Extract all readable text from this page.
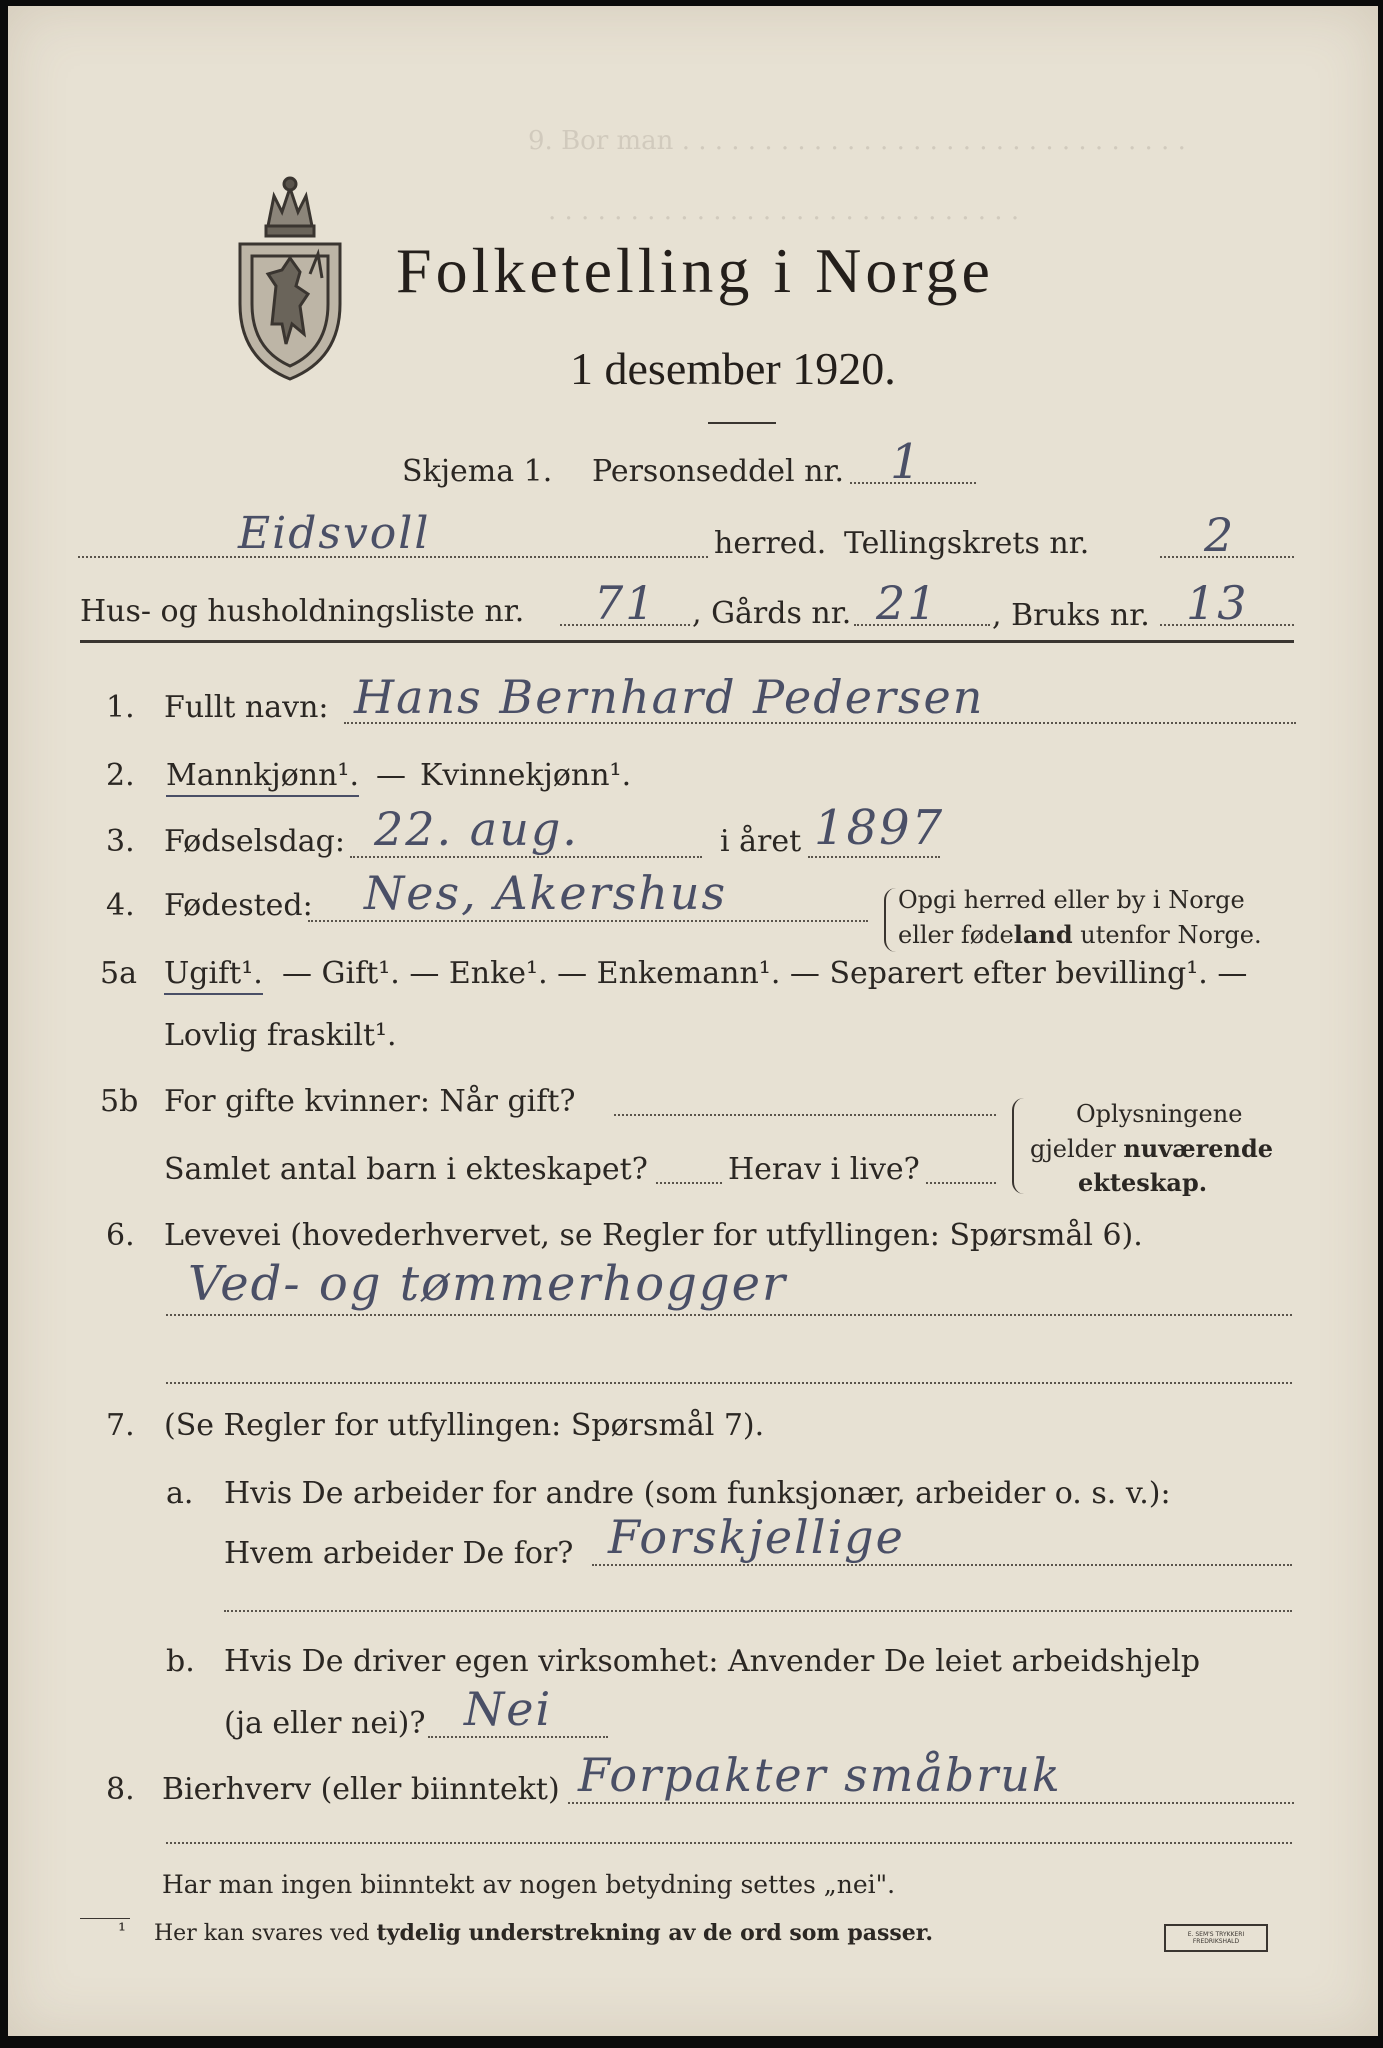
9. Bor man . . . . . . . . . . . . . . . . . . . . . . . . . . . . . . .
. . . . . . . . . . . . . . . . . . . . . . . . . . . . .
Folketelling i Norge
1 desember 1920.
Skjema 1. Personseddel nr. 1
Eidsvoll	herred. Tellingskrets nr. 2
Hus- og husholdningsliste nr. 71 , Gårds nr. 21 , Bruks nr. 13
1. Fullt navn: Hans Bernhard Pedersen
2. Mannkjønn¹. — Kvinnekjønn¹.
3. Fødselsdag: 22. aug.	i året 1897
4. Fødested: Nes, Akershus	Opgi herred eller by i Norge
eller fødeland utenfor Norge.
5a Ugift¹. — Gift¹. — Enke¹. — Enkemann¹. — Separert efter bevilling¹. —
Lovlig fraskilt¹.
5b For gifte kvinner: Når gift?
Samlet antal barn i ekteskapet?	Herav i live?
Oplysningene
gjelder nuværende
ekteskap.
6. Levevei (hovederhvervet, se Regler for utfyllingen: Spørsmål 6).
Ved- og tømmerhogger
7. (Se Regler for utfyllingen: Spørsmål 7).
a. Hvis De arbeider for andre (som funksjonær, arbeider o. s. v.):
Hvem arbeider De for? Forskjellige
b. Hvis De driver egen virksomhet: Anvender De leiet arbeidshjelp
(ja eller nei)? Nei
8. Bierhverv (eller biinntekt) Forpakter småbruk
Har man ingen biinntekt av nogen betydning settes „nei".
¹ Her kan svares ved tydelig understrekning av de ord som passer.	E. SEM'S TRYKKERI FREDRIKSHALD
